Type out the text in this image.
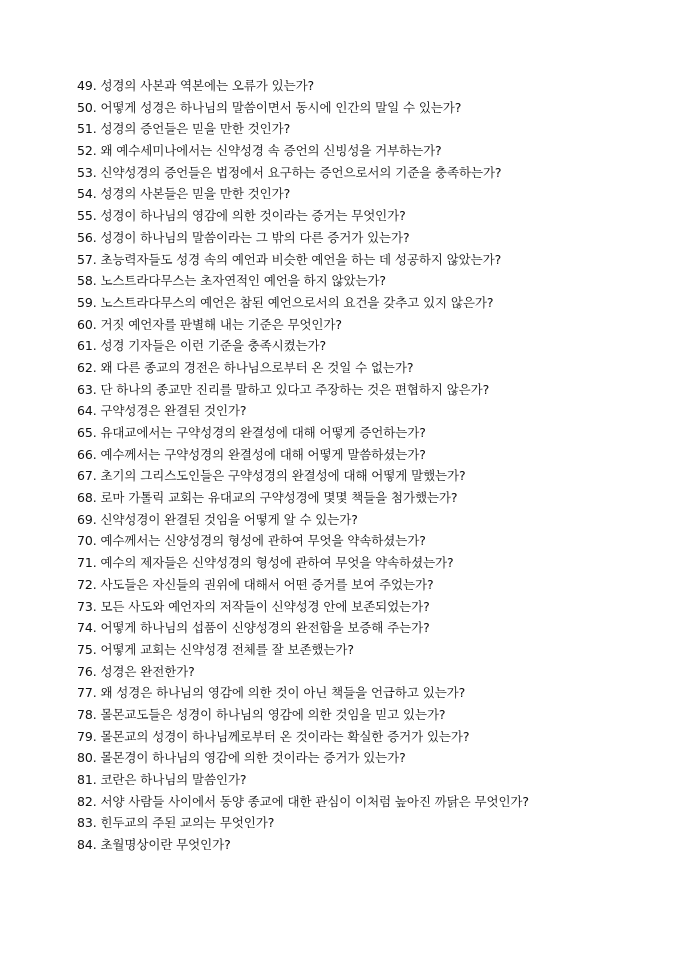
49. 성경의 사본과 역본에는 오류가 있는가?
50. 어떻게 성경은 하나님의 말씀이면서 동시에 인간의 말일 수 있는가?
51. 성경의 증언들은 믿을 만한 것인가?
52. 왜 예수세미나에서는 신약성경 속 증언의 신빙성을 거부하는가?
53. 신약성경의 증언들은 법정에서 요구하는 증언으로서의 기준을 충족하는가?
54. 성경의 사본들은 믿을 만한 것인가?
55. 성경이 하나님의 영감에 의한 것이라는 증거는 무엇인가?
56. 성경이 하나님의 말씀이라는 그 밖의 다른 증거가 있는가?
57. 초능력자들도 성경 속의 예언과 비슷한 예언을 하는 데 성공하지 않았는가?
58. 노스트라다무스는 초자연적인 예언을 하지 않았는가?
59. 노스트라다무스의 예언은 참된 예언으로서의 요건을 갖추고 있지 않은가?
60. 거짓 예언자를 판별해 내는 기준은 무엇인가?
61. 성경 기자들은 이런 기준을 충족시켰는가?
62. 왜 다른 종교의 경전은 하나님으로부터 온 것일 수 없는가?
63. 단 하나의 종교만 진리를 말하고 있다고 주장하는 것은 편협하지 않은가?
64. 구약성경은 완결된 것인가?
65. 유대교에서는 구약성경의 완결성에 대해 어떻게 증언하는가?
66. 예수께서는 구약성경의 완결성에 대해 어떻게 말씀하셨는가?
67. 초기의 그리스도인들은 구약성경의 완결성에 대해 어떻게 말했는가?
68. 로마 가톨릭 교회는 유대교의 구약성경에 몇몇 책들을 첨가했는가?
69. 신약성경이 완결된 것임을 어떻게 알 수 있는가?
70. 예수께서는 신양성경의 형성에 관하여 무엇을 약속하셨는가?
71. 예수의 제자들은 신약성경의 형성에 관하여 무엇을 약속하셨는가?
72. 사도들은 자신들의 권위에 대해서 어떤 증거를 보여 주었는가?
73. 모든 사도와 예언자의 저작들이 신약성경 안에 보존되었는가?
74. 어떻게 하나님의 섭품이 신양성경의 완전함을 보증해 주는가?
75. 어떻게 교회는 신약성경 전체를 잘 보존했는가?
76. 성경은 완전한가?
77. 왜 성경은 하나님의 영감에 의한 것이 아닌 책들을 언급하고 있는가?
78. 몰몬교도들은 성경이 하나님의 영감에 의한 것임을 믿고 있는가?
79. 몰몬교의 성경이 하나님께로부터 온 것이라는 확실한 증거가 있는가?
80. 몰몬경이 하나님의 영감에 의한 것이라는 증거가 있는가?
81. 코란은 하나님의 말씀인가?
82. 서양 사람들 사이에서 동양 종교에 대한 관심이 이처럼 높아진 까닭은 무엇인가?
83. 힌두교의 주된 교의는 무엇인가?
84. 초월명상이란 무엇인가?
